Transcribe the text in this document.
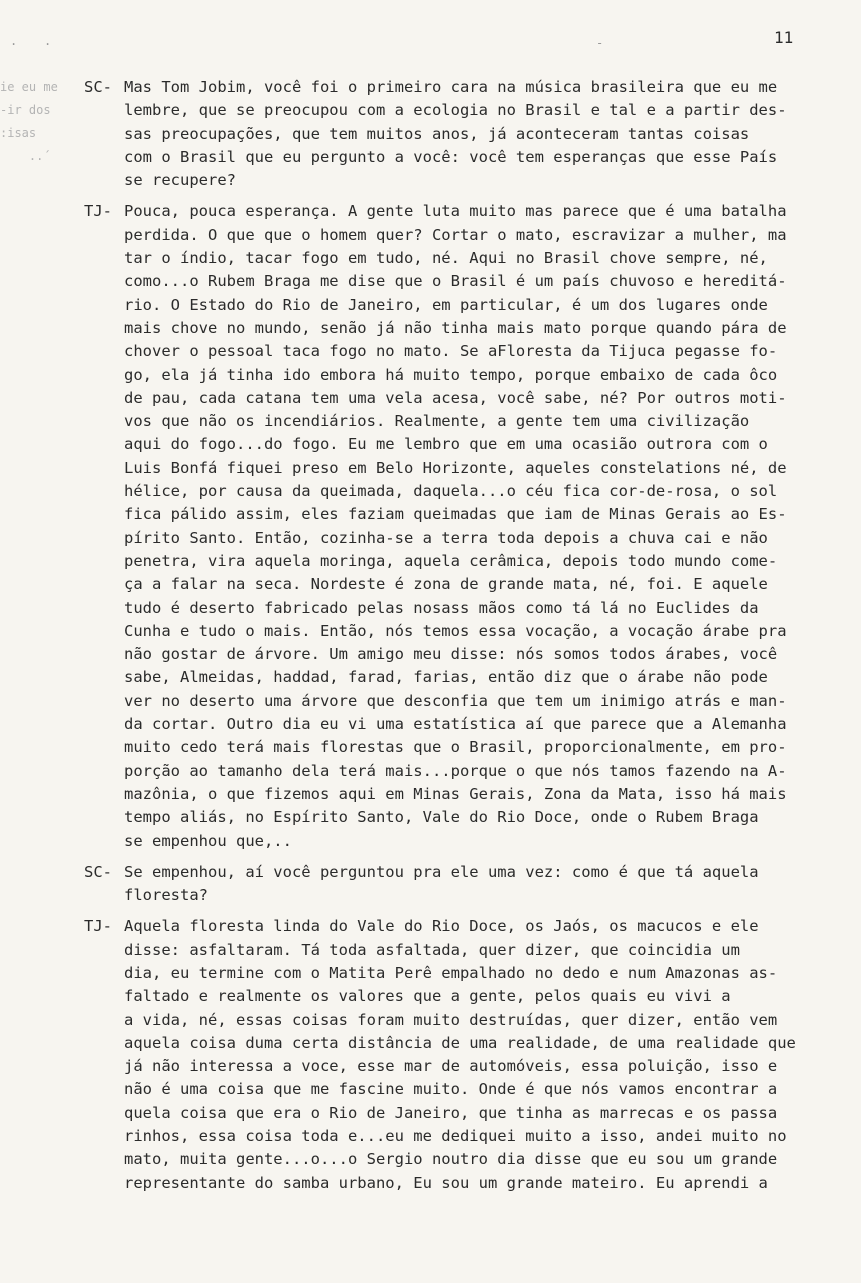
.	-
.	11
ie eu me
-ir dos
:isas
..´
SC- Mas Tom Jobim, você foi o primeiro cara na música brasileira que eu me
lembre, que se preocupou com a ecologia no Brasil e tal e a partir des-
sas preocupações, que tem muitos anos, já aconteceram tantas coisas
com o Brasil que eu pergunto a você: você tem esperanças que esse País
se recupere?
TJ- Pouca, pouca esperança. A gente luta muito mas parece que é uma batalha
perdida. O que que o homem quer? Cortar o mato, escravizar a mulher, ma
tar o índio, tacar fogo em tudo, né. Aqui no Brasil chove sempre, né,
como...o Rubem Braga me dise que o Brasil é um país chuvoso e hereditá-
rio. O Estado do Rio de Janeiro, em particular, é um dos lugares onde
mais chove no mundo, senão já não tinha mais mato porque quando pára de
chover o pessoal taca fogo no mato. Se aFloresta da Tijuca pegasse fo-
go, ela já tinha ido embora há muito tempo, porque embaixo de cada ôco
de pau, cada catana tem uma vela acesa, você sabe, né? Por outros moti-
vos que não os incendiários. Realmente, a gente tem uma civilização
aqui do fogo...do fogo. Eu me lembro que em uma ocasião outrora com o
Luis Bonfá fiquei preso em Belo Horizonte, aqueles constelations né, de
hélice, por causa da queimada, daquela...o céu fica cor-de-rosa, o sol
fica pálido assim, eles faziam queimadas que iam de Minas Gerais ao Es-
pírito Santo. Então, cozinha-se a terra toda depois a chuva cai e não
penetra, vira aquela moringa, aquela cerâmica, depois todo mundo come-
ça a falar na seca. Nordeste é zona de grande mata, né, foi. E aquele
tudo é deserto fabricado pelas nosass mãos como tá lá no Euclides da
Cunha e tudo o mais. Então, nós temos essa vocação, a vocação árabe pra
não gostar de árvore. Um amigo meu disse: nós somos todos árabes, você
sabe, Almeidas, haddad, farad, farias, então diz que o árabe não pode
ver no deserto uma árvore que desconfia que tem um inimigo atrás e man-
da cortar. Outro dia eu vi uma estatística aí que parece que a Alemanha
muito cedo terá mais florestas que o Brasil, proporcionalmente, em pro-
porção ao tamanho dela terá mais...porque o que nós tamos fazendo na A-
mazônia, o que fizemos aqui em Minas Gerais, Zona da Mata, isso há mais
tempo aliás, no Espírito Santo, Vale do Rio Doce, onde o Rubem Braga
se empenhou que,..
SC- Se empenhou, aí você perguntou pra ele uma vez: como é que tá aquela
floresta?
TJ- Aquela floresta linda do Vale do Rio Doce, os Jaós, os macucos e ele
disse: asfaltaram. Tá toda asfaltada, quer dizer, que coincidia um
dia, eu termine com o Matita Perê empalhado no dedo e num Amazonas as-
faltado e realmente os valores que a gente, pelos quais eu vivi a
a vida, né, essas coisas foram muito destruídas, quer dizer, então vem
aquela coisa duma certa distância de uma realidade, de uma realidade que
já não interessa a voce, esse mar de automóveis, essa poluição, isso e
não é uma coisa que me fascine muito. Onde é que nós vamos encontrar a
quela coisa que era o Rio de Janeiro, que tinha as marrecas e os passa
rinhos, essa coisa toda e...eu me dediquei muito a isso, andei muito no
mato, muita gente...o...o Sergio noutro dia disse que eu sou um grande
representante do samba urbano, Eu sou um grande mateiro. Eu aprendi a
